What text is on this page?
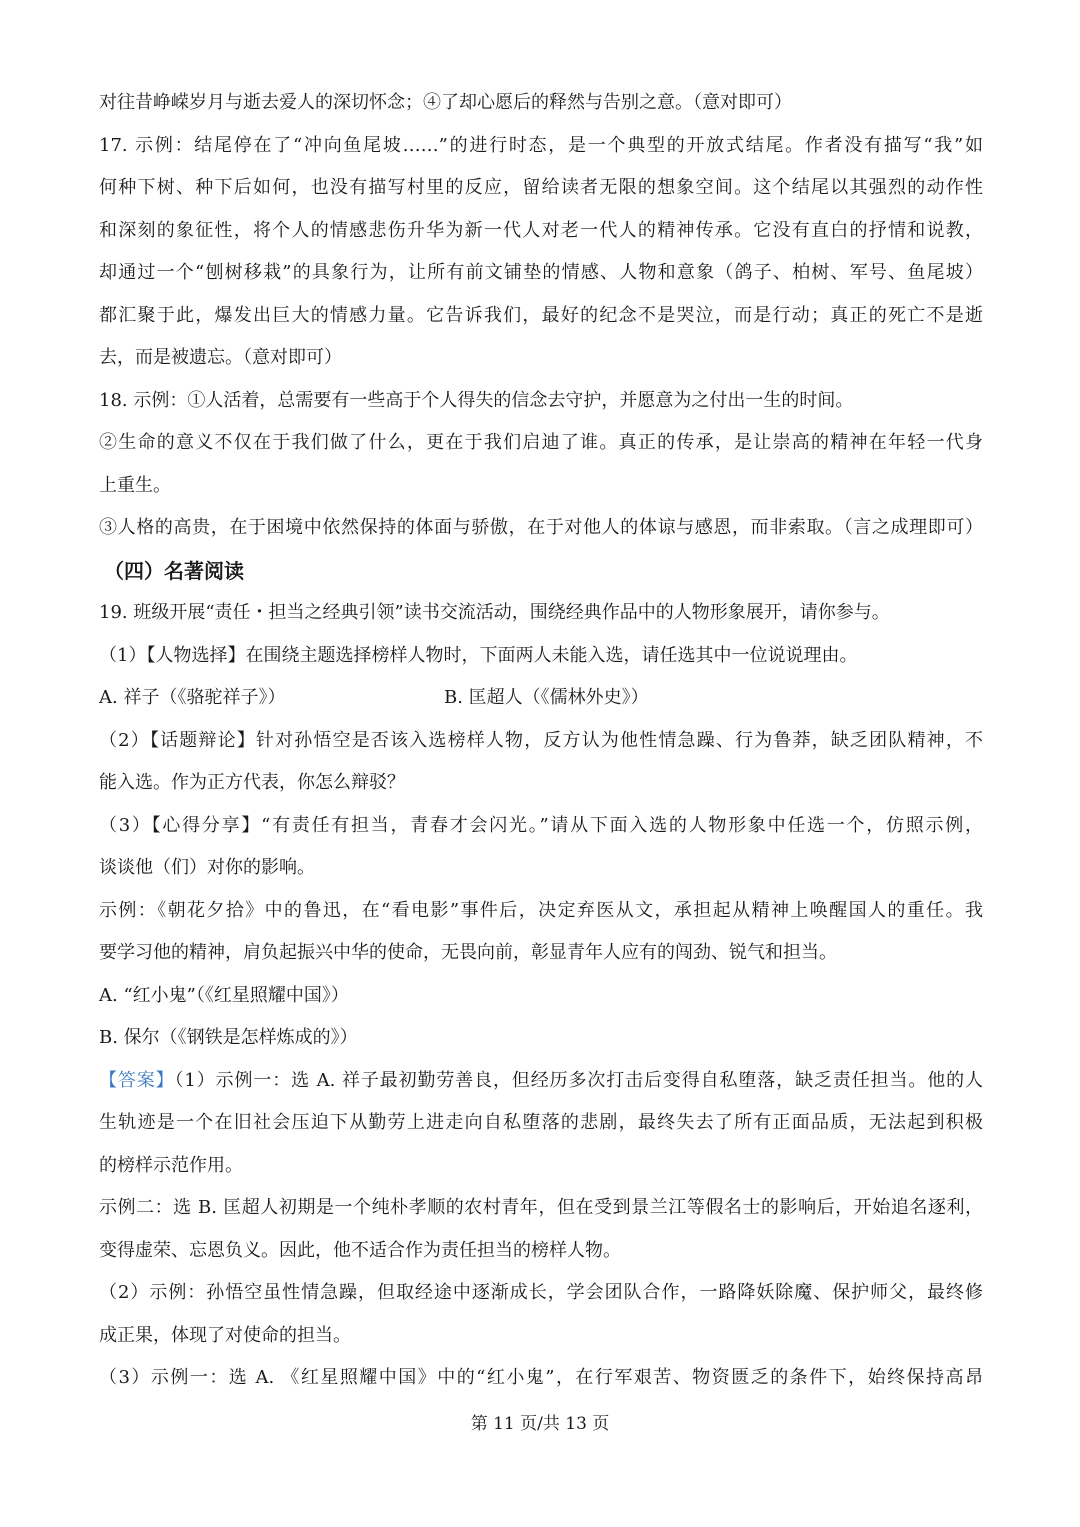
对往昔峥嵘岁月与逝去爱人的深切怀念；④了却心愿后的释然与告别之意。（意对即可）
17. 示例：结尾停在了“冲向鱼尾坡……”的进行时态，是一个典型的开放式结尾。作者没有描写“我”如
何种下树、种下后如何，也没有描写村里的反应，留给读者无限的想象空间。这个结尾以其强烈的动作性
和深刻的象征性，将个人的情感悲伤升华为新一代人对老一代人的精神传承。它没有直白的抒情和说教，
却通过一个“刨树移栽”的具象行为，让所有前文铺垫的情感、人物和意象（鸽子、柏树、军号、鱼尾坡）
都汇聚于此，爆发出巨大的情感力量。它告诉我们，最好的纪念不是哭泣，而是行动；真正的死亡不是逝
去，而是被遗忘。（意对即可）
18. 示例：①人活着，总需要有一些高于个人得失的信念去守护，并愿意为之付出一生的时间。
②生命的意义不仅在于我们做了什么，更在于我们启迪了谁。真正的传承，是让崇高的精神在年轻一代身
上重生。
③人格的高贵，在于困境中依然保持的体面与骄傲，在于对他人的体谅与感恩，而非索取。（言之成理即可）
（四）名著阅读
19. 班级开展“责任・担当之经典引领”读书交流活动，围绕经典作品中的人物形象展开，请你参与。
（1）【人物选择】在围绕主题选择榜样人物时，下面两人未能入选，请任选其中一位说说理由。
A. 祥子（《骆驼祥子》）	B. 匡超人（《儒林外史》）
（2）【话题辩论】针对孙悟空是否该入选榜样人物，反方认为他性情急躁、行为鲁莽，缺乏团队精神，不
能入选。作为正方代表，你怎么辩驳？
（3）【心得分享】“有责任有担当，青春才会闪光。”请从下面入选的人物形象中任选一个，仿照示例，
谈谈他（们）对你的影响。
示例：《朝花夕拾》中的鲁迅，在“看电影”事件后，决定弃医从文，承担起从精神上唤醒国人的重任。我
要学习他的精神，肩负起振兴中华的使命，无畏向前，彰显青年人应有的闯劲、锐气和担当。
A. “红小鬼”（《红星照耀中国》）
B. 保尔（《钢铁是怎样炼成的》）
【答案】（1）示例一：选 A. 祥子最初勤劳善良，但经历多次打击后变得自私堕落，缺乏责任担当。他的人
生轨迹是一个在旧社会压迫下从勤劳上进走向自私堕落的悲剧，最终失去了所有正面品质，无法起到积极
的榜样示范作用。
示例二：选 B. 匡超人初期是一个纯朴孝顺的农村青年，但在受到景兰江等假名士的影响后，开始追名逐利，
变得虚荣、忘恩负义。因此，他不适合作为责任担当的榜样人物。
（2）示例：孙悟空虽性情急躁，但取经途中逐渐成长，学会团队合作，一路降妖除魔、保护师父，最终修
成正果，体现了对使命的担当。
（3）示例一：选 A. 《红星照耀中国》中的“红小鬼”，在行军艰苦、物资匮乏的条件下，始终保持高昂
第 11 页/共 13 页
